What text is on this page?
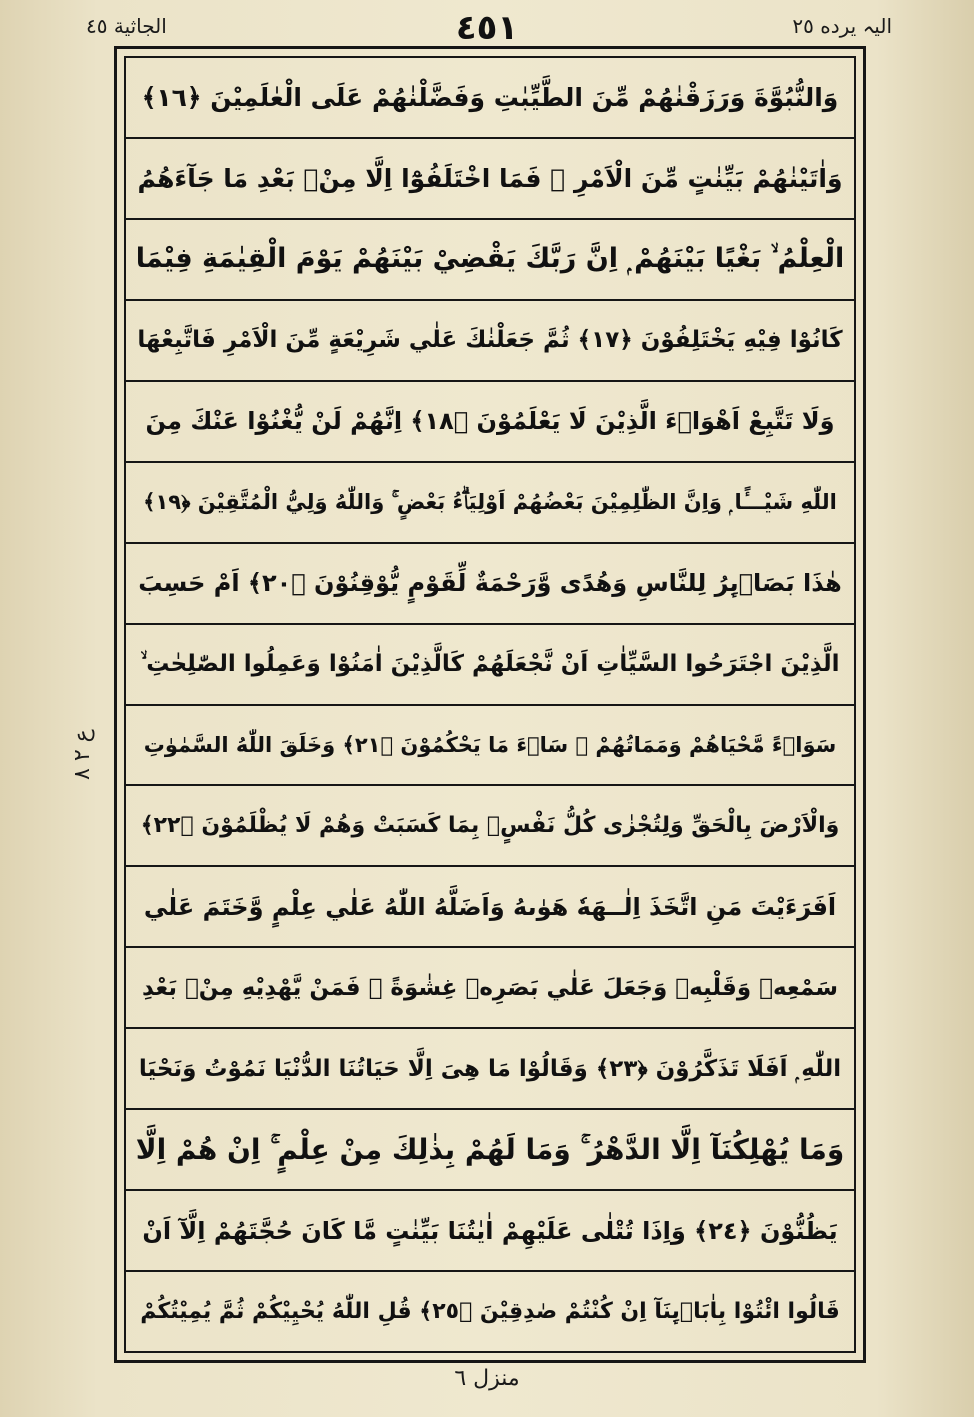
الجاثية ٤٥	٤٥١	اليہ يرده ٢٥
ع ٢ ٨
وَالنُّبُوَّةَ وَرَزَقْنٰهُمْ مِّنَ الطَّيِّبٰتِ وَفَضَّلْنٰهُمْ عَلَى الْعٰلَمِيْنَ ﴿١٦﴾
وَاٰتَيْنٰهُمْ بَيِّنٰتٍ مِّنَ الْاَمْرِ ۚ فَمَا اخْتَلَفُوْٓا اِلَّا مِنْۢ بَعْدِ مَا جَآءَهُمُ
الْعِلْمُ ۙ بَغْيًا بَيْنَهُمْ ۭ اِنَّ رَبَّكَ يَقْضِيْ بَيْنَهُمْ يَوْمَ الْقِيٰمَةِ فِيْمَا
كَانُوْا فِيْهِ يَخْتَلِفُوْنَ ﴿١٧﴾ ثُمَّ جَعَلْنٰكَ عَلٰي شَرِيْعَةٍ مِّنَ الْاَمْرِ فَاتَّبِعْهَا
وَلَا تَتَّبِعْ اَهْوَاۗءَ الَّذِيْنَ لَا يَعْلَمُوْنَ ﴿١٨﴾ اِنَّهُمْ لَنْ يُّغْنُوْا عَنْكَ مِنَ
اللّٰهِ شَيْـــًٔا ۭ وَاِنَّ الظّٰلِمِيْنَ بَعْضُهُمْ اَوْلِيَاۗءُ بَعْضٍ ۚ وَاللّٰهُ وَلِيُّ الْمُتَّقِيْنَ ﴿١٩﴾
هٰذَا بَصَاۗىِٕرُ لِلنَّاسِ وَهُدًى وَّرَحْمَةٌ لِّقَوْمٍ يُّوْقِنُوْنَ ﴿٢٠﴾ اَمْ حَسِبَ
الَّذِيْنَ اجْتَرَحُوا السَّيِّاٰتِ اَنْ نَّجْعَلَهُمْ كَالَّذِيْنَ اٰمَنُوْا وَعَمِلُوا الصّٰلِحٰتِ ۙ
سَوَاۗءً مَّحْيَاهُمْ وَمَمَاتُهُمْ ۭ سَاۗءَ مَا يَحْكُمُوْنَ ﴿٢١﴾ وَخَلَقَ اللّٰهُ السَّمٰوٰتِ
وَالْاَرْضَ بِالْحَقِّ وَلِتُجْزٰى كُلُّ نَفْسٍۢ بِمَا كَسَبَتْ وَهُمْ لَا يُظْلَمُوْنَ ﴿٢٢﴾
اَفَرَءَيْتَ مَنِ اتَّخَذَ اِلٰــهَهٗ هَوٰىهُ وَاَضَلَّهُ اللّٰهُ عَلٰي عِلْمٍ وَّخَتَمَ عَلٰي
سَمْعِهٖ وَقَلْبِهٖ وَجَعَلَ عَلٰي بَصَرِهٖ غِشٰوَةً ۭ فَمَنْ يَّهْدِيْهِ مِنْۢ بَعْدِ
اللّٰهِ ۭ اَفَلَا تَذَكَّرُوْنَ ﴿٢٣﴾ وَقَالُوْا مَا هِىَ اِلَّا حَيَاتُنَا الدُّنْيَا نَمُوْتُ وَنَحْيَا
وَمَا يُهْلِكُنَآ اِلَّا الدَّهْرُ ۚ وَمَا لَهُمْ بِذٰلِكَ مِنْ عِلْمٍ ۚ اِنْ هُمْ اِلَّا
يَظُنُّوْنَ ﴿٢٤﴾ وَاِذَا تُتْلٰى عَلَيْهِمْ اٰيٰتُنَا بَيِّنٰتٍ مَّا كَانَ حُجَّتَهُمْ اِلَّآ اَنْ
قَالُوا ائْتُوْا بِاٰبَاۗىِٕنَآ اِنْ كُنْتُمْ صٰدِقِيْنَ ﴿٢٥﴾ قُلِ اللّٰهُ يُحْيِيْكُمْ ثُمَّ يُمِيْتُكُمْ
منزل ٦
